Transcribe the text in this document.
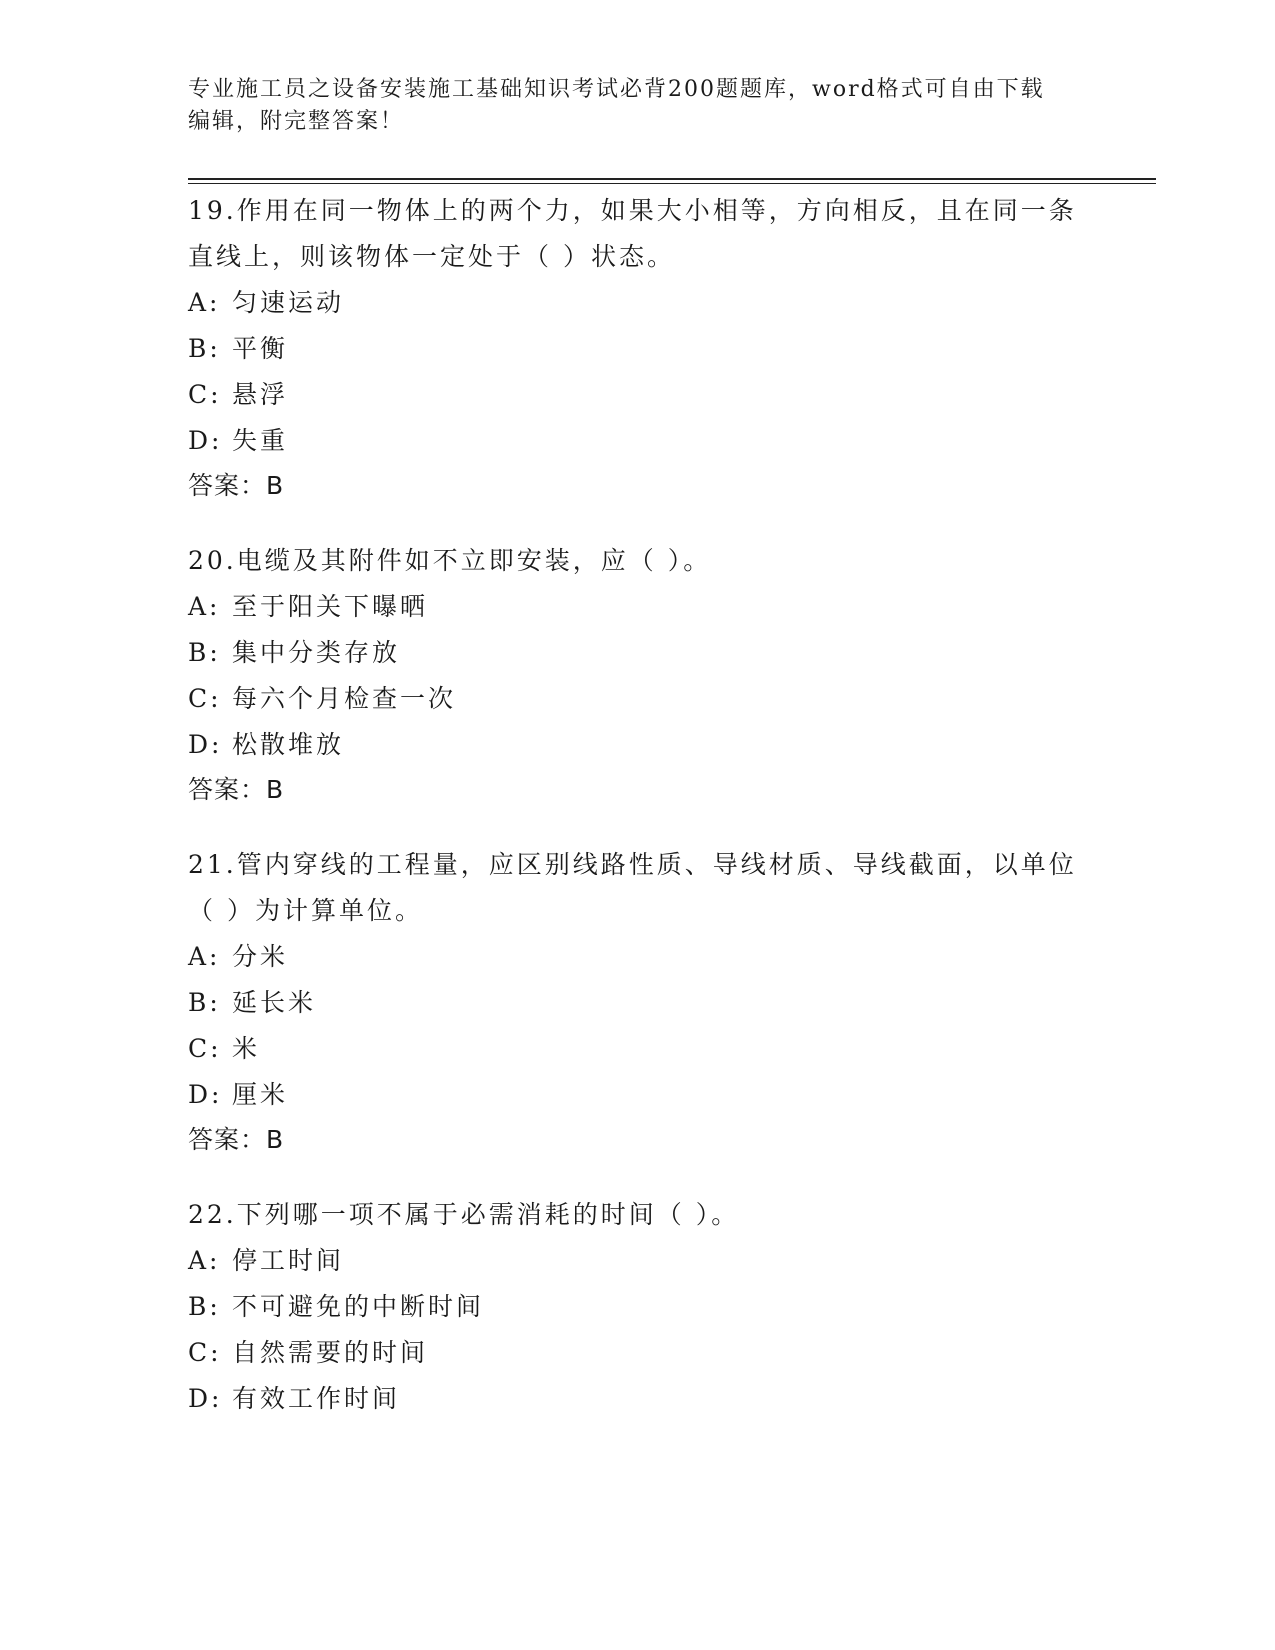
专业施工员之设备安装施工基础知识考试必背200题题库，word格式可自由下载编辑，附完整答案！

19.作用在同一物体上的两个力，如果大小相等，方向相反，且在同一条直线上，则该物体一定处于（ ）状态。

A: 匀速运动

B: 平衡

C: 悬浮

D: 失重

答案：B

20.电缆及其附件如不立即安装，应（ ）。

A: 至于阳关下曝晒

B: 集中分类存放

C: 每六个月检查一次

D: 松散堆放

答案：B

21.管内穿线的工程量，应区别线路性质、导线材质、导线截面，以单位（ ）为计算单位。

A: 分米

B: 延长米

C: 米

D: 厘米

答案：B

22.下列哪一项不属于必需消耗的时间（ ）。

A: 停工时间

B: 不可避免的中断时间

C: 自然需要的时间

D: 有效工作时间
